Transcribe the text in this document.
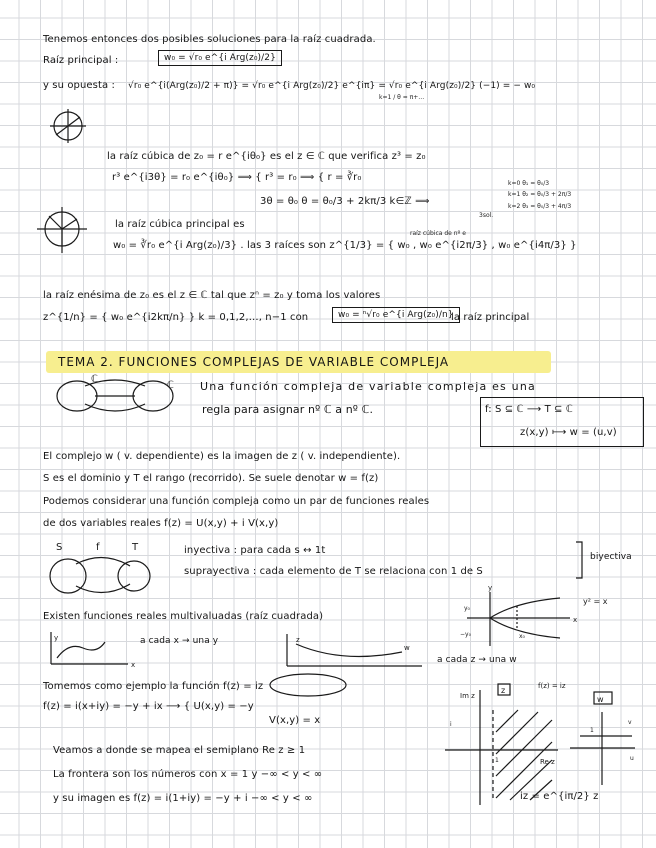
Tenemos entonces dos posibles soluciones para la raíz cuadrada.
Raíz principal :	w₀ = √r₀ e^{i Arg(z₀)/2}
y su opuesta : √r₀ e^{i(Arg(z₀)/2 + π)} = √r₀ e^{i Arg(z₀)/2} e^{iπ} = √r₀ e^{i Arg(z₀)/2} (−1) = − w₀
k=1 / θ = π+…
la raíz cúbica de z₀ = r e^{iθ₀} es el z ∈ ℂ que verifica z³ = z₀
r³ e^{i3θ} = r₀ e^{iθ₀} ⟹ { r³ = r₀ ⟹ { r = ∛r₀
3θ = θ₀ θ = θ₀/3 + 2kπ/3 k∈ℤ ⟹
k=0 θ₁ = θ₀/3
k=1 θ₂ = θ₀/3 + 2π/3
k=2 θ₃ = θ₀/3 + 4π/3
3sol.
la raíz cúbica principal es
w₀ = ∛r₀ e^{i Arg(z₀)/3} . las 3 raíces son z^{1/3} = { w₀ , w₀ e^{i2π/3} , w₀ e^{i4π/3} }
raíz cúbica de nº e
la raíz enésima de z₀ es el z ∈ ℂ tal que zⁿ = z₀ y toma los valores
z^{1/n} = { w₀ e^{i2kπ/n} } k = 0,1,2,…, n−1 con	w₀ = ⁿ√r₀ e^{i Arg(z₀)/n}
la raíz principal
TEMA 2. FUNCIONES COMPLEJAS DE VARIABLE COMPLEJA
ℂ
ℂ Una función compleja de variable compleja es una
regla para asignar nº ℂ a nº ℂ.	f: S ⊆ ℂ ⟶ T ⊆ ℂ
z(x,y) ⟼ w = (u,v)
El complejo w ( v. dependiente) es la imagen de z ( v. independiente).
S es el dominio y T el rango (recorrido). Se suele denotar w = f(z)
Podemos considerar una función compleja como un par de funciones reales
de dos variables reales f(z) = U(x,y) + i V(x,y)
S	f	T	inyectiva : para cada s ↔ 1t
suprayectiva : cada elemento de T se relaciona con 1 de S
biyectiva
Existen funciones reales multivaluadas (raíz cuadrada)
y
x
y₀
−y₀	x₀
y² = x
y
x
a cada x → una y	z
w
a cada z → una w
Tomemos como ejemplo la función f(z) = iz
f(z) = i(x+iy) = −y + ix ⟶ { U(x,y) = −y
V(x,y) = x
Veamos a donde se mapea el semiplano Re z ≥ 1
La frontera son los números con x = 1 y −∞ < y < ∞
y su imagen es f(z) = i(1+iy) = −y + i −∞ < y < ∞
z
Im z
Re z
i
1
f(z) = iz
w
1
v
u
iz = e^{iπ/2} z
